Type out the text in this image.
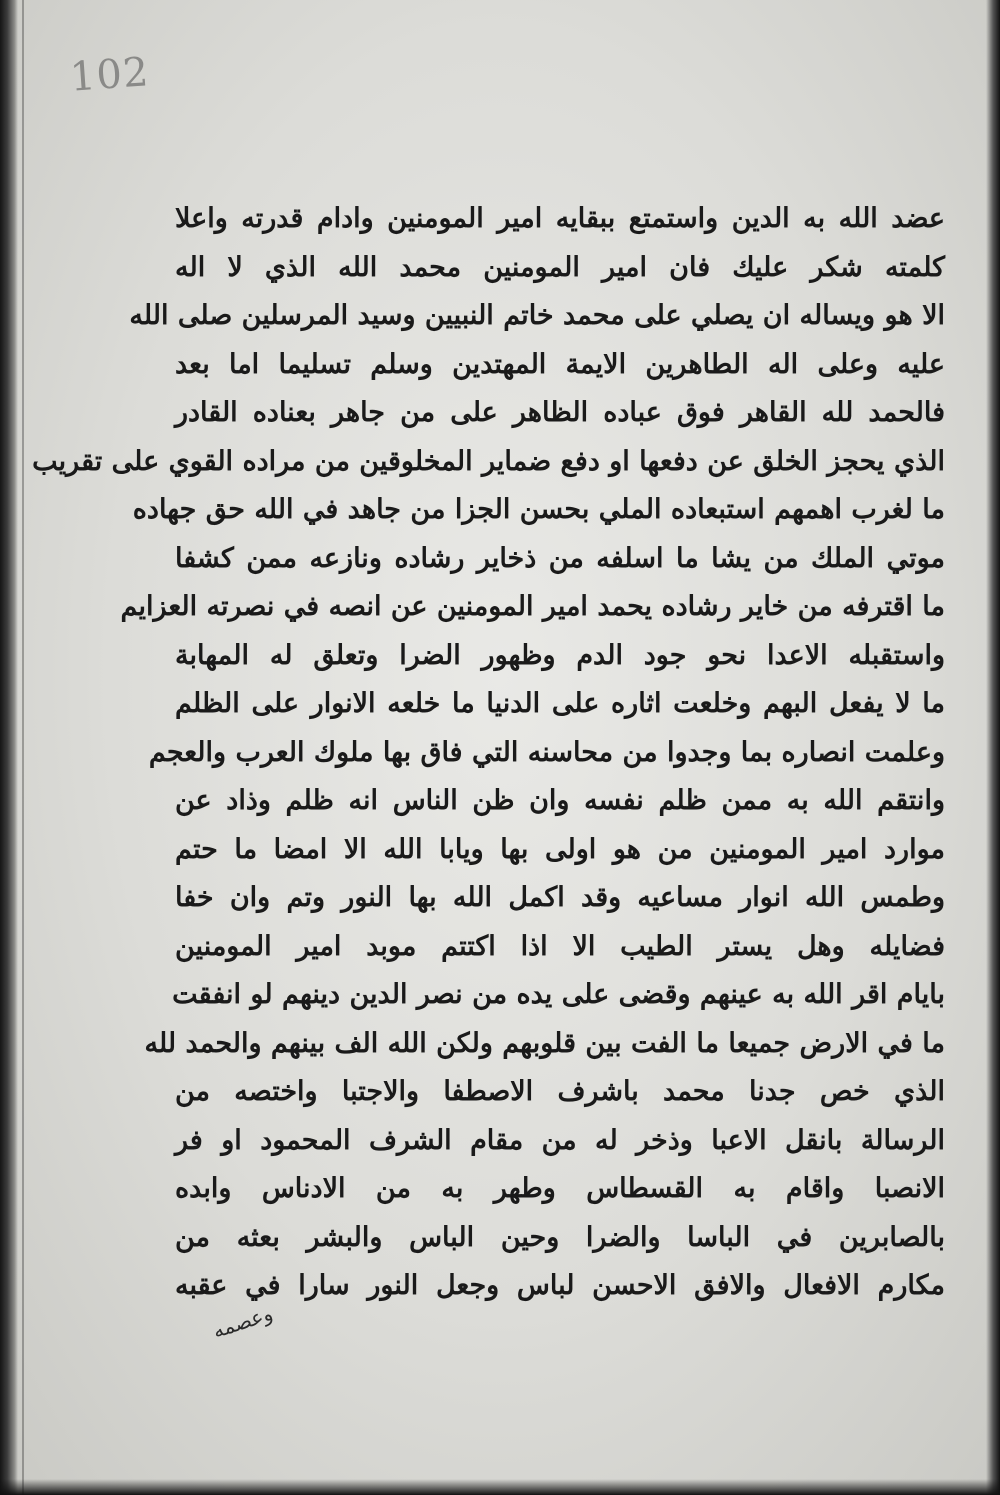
102
عضد الله به الدين واستمتع ببقايه امير المومنين وادام قدرته واعلا
كلمته شكر عليك فان امير المومنين محمد الله الذي لا اله
الا هو ويساله ان يصلي على محمد خاتم النبيين وسيد المرسلين صلى الله
عليه وعلى اله الطاهرين الايمة المهتدين وسلم تسليما اما بعد
فالحمد لله القاهر فوق عباده الظاهر على من جاهر بعناده القادر
الذي يحجز الخلق عن دفعها او دفع ضماير المخلوقين من مراده القوي على تقريب
ما لغرب اهمهم استبعاده الملي بحسن الجزا من جاهد في الله حق جهاده
موتي الملك من يشا ما اسلفه من ذخاير رشاده ونازعه ممن كشفا
ما اقترفه من خاير رشاده يحمد امير المومنين عن انصه في نصرته العزايم
واستقبله الاعدا نحو جود الدم وظهور الضرا وتعلق له المهابة
ما لا يفعل البهم وخلعت اثاره على الدنيا ما خلعه الانوار على الظلم
وعلمت انصاره بما وجدوا من محاسنه التي فاق بها ملوك العرب والعجم
وانتقم الله به ممن ظلم نفسه وان ظن الناس انه ظلم وذاد عن
موارد امير المومنين من هو اولى بها ويابا الله الا امضا ما حتم
وطمس الله انوار مساعيه وقد اكمل الله بها النور وتم وان خفا
فضايله وهل يستر الطيب الا اذا اكتتم موبد امير المومنين
بايام اقر الله به عينهم وقضى على يده من نصر الدين دينهم لو انفقت
ما في الارض جميعا ما الفت بين قلوبهم ولكن الله الف بينهم والحمد لله
الذي خص جدنا محمد باشرف الاصطفا والاجتبا واختصه من
الرسالة بانقل الاعبا وذخر له من مقام الشرف المحمود او فر
الانصبا واقام به القسطاس وطهر به من الادناس وابده
بالصابرين في الباسا والضرا وحين الباس والبشر بعثه من
مكارم الافعال والافق الاحسن لباس وجعل النور سارا في عقبه
وعصمه
